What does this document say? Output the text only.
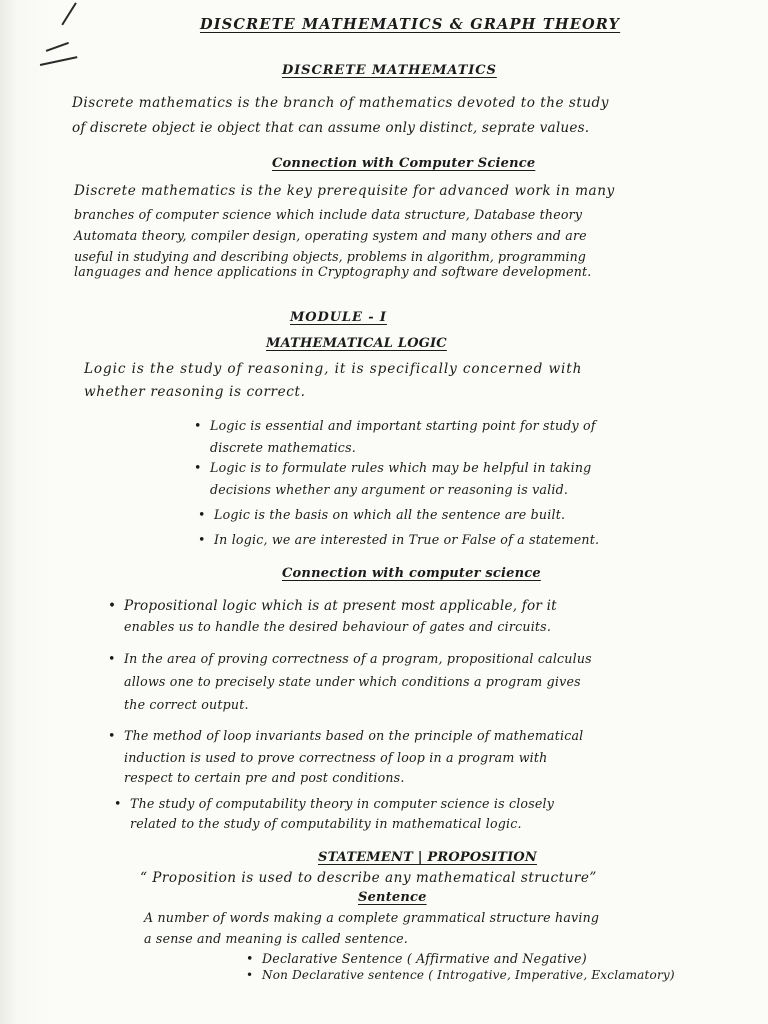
DISCRETE MATHEMATICS & GRAPH THEORY
DISCRETE MATHEMATICS
Discrete mathematics is the branch of mathematics devoted to the study
of discrete object ie object that can assume only distinct, seprate values.
Connection with Computer Science
Discrete mathematics is the key prerequisite for advanced work in many
branches of computer science which include data structure, Database theory
Automata theory, compiler design, operating system and many others and are
useful in studying and describing objects, problems in algorithm, programming
languages and hence applications in Cryptography and software development.
MODULE - I
MATHEMATICAL LOGIC
Logic is the study of reasoning, it is specifically concerned with
whether reasoning is correct.
• Logic is essential and important starting point for study of
discrete mathematics.
• Logic is to formulate rules which may be helpful in taking
decisions whether any argument or reasoning is valid.
• Logic is the basis on which all the sentence are built.
• In logic, we are interested in True or False of a statement.
Connection with computer science
• Propositional logic which is at present most applicable, for it
enables us to handle the desired behaviour of gates and circuits.
• In the area of proving correctness of a program, propositional calculus
allows one to precisely state under which conditions a program gives
the correct output.
• The method of loop invariants based on the principle of mathematical
induction is used to prove correctness of loop in a program with
respect to certain pre and post conditions.
• The study of computability theory in computer science is closely
related to the study of computability in mathematical logic.
STATEMENT | PROPOSITION
“ Proposition is used to describe any mathematical structure”
Sentence
A number of words making a complete grammatical structure having
a sense and meaning is called sentence.
• Declarative Sentence ( Affirmative and Negative)
• Non Declarative sentence ( Introgative, Imperative, Exclamatory)
